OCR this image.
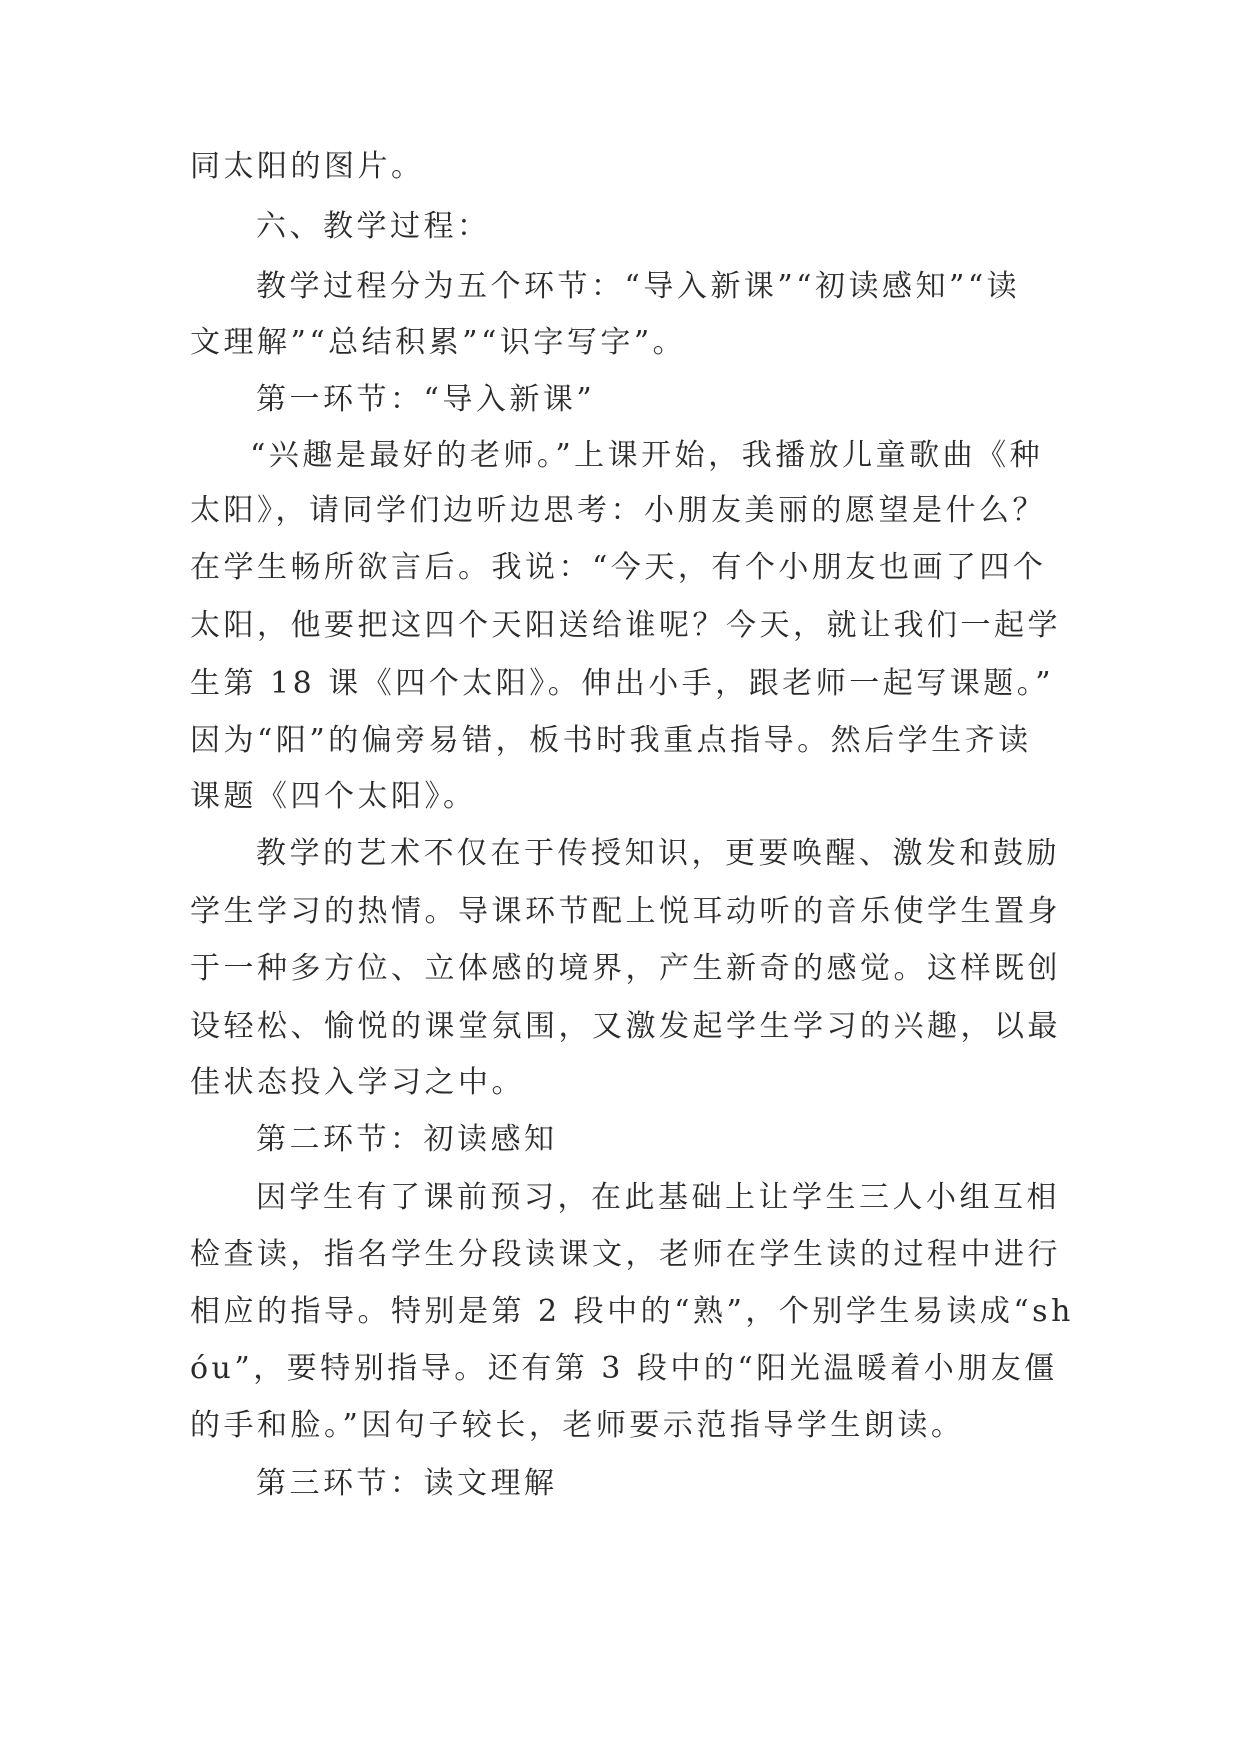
同太阳的图片。
六、教学过程：
教学过程分为五个环节：“导入新课”“初读感知”“读
文理解”“总结积累”“识字写字”。
第一环节：“导入新课”
“兴趣是最好的老师。”上课开始，我播放儿童歌曲《种
太阳》，请同学们边听边思考：小朋友美丽的愿望是什么？
在学生畅所欲言后。我说：“今天，有个小朋友也画了四个
太阳，他要把这四个天阳送给谁呢？今天，就让我们一起学
生第 18 课《四个太阳》。伸出小手，跟老师一起写课题。”
因为“阳”的偏旁易错，板书时我重点指导。然后学生齐读
课题《四个太阳》。
教学的艺术不仅在于传授知识，更要唤醒、激发和鼓励
学生学习的热情。导课环节配上悦耳动听的音乐使学生置身
于一种多方位、立体感的境界，产生新奇的感觉。这样既创
设轻松、愉悦的课堂氛围，又激发起学生学习的兴趣，以最
佳状态投入学习之中。
第二环节：初读感知
因学生有了课前预习，在此基础上让学生三人小组互相
检查读，指名学生分段读课文，老师在学生读的过程中进行
相应的指导。特别是第 2 段中的“熟”，个别学生易读成“sh
óu”，要特别指导。还有第 3 段中的“阳光温暖着小朋友僵
的手和脸。”因句子较长，老师要示范指导学生朗读。
第三环节：读文理解
